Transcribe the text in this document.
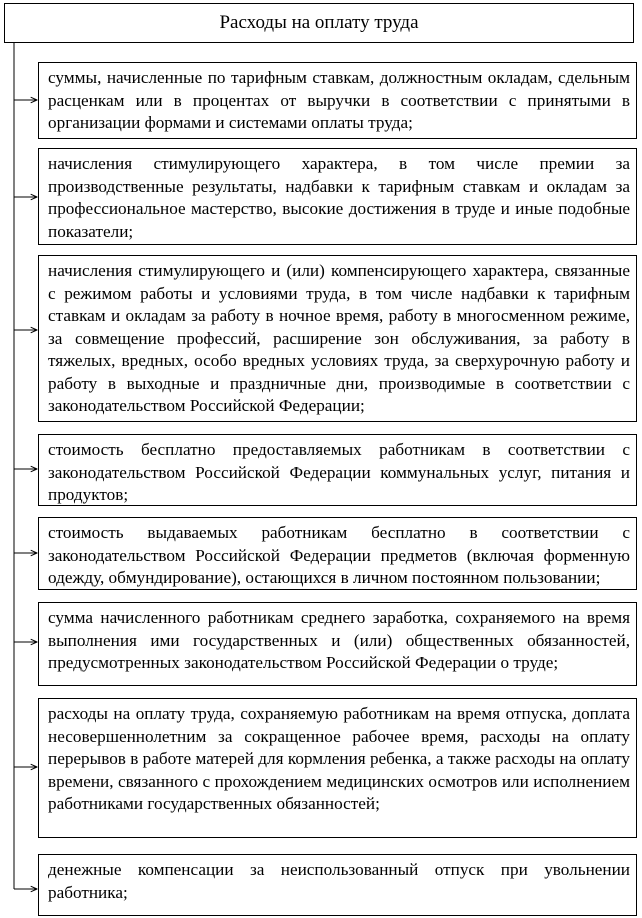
Расходы на оплату труда
суммы, начисленные по тарифным ставкам, должностным окладам, сдельным расценкам или в процентах от выручки в соответствии с принятыми в организации формами и системами оплаты труда;
начисления стимулирующего характера, в том числе премии за производственные результаты, надбавки к тарифным ставкам и окладам за профессиональное мастерство, высокие достижения в труде и иные подобные показатели;
начисления стимулирующего и (или) компенсирующего характера, связанные с режимом работы и условиями труда, в том числе надбавки к тарифным ставкам и окладам за работу в ночное время, работу в многосменном режиме, за совмещение профессий, расширение зон обслуживания, за работу в тяжелых, вредных, особо вредных условиях труда, за сверхурочную работу и работу в выходные и праздничные дни, производимые в соответствии с законодательством Российской Федерации;
стоимость бесплатно предоставляемых работникам в соответствии с законодательством Российской Федерации коммунальных услуг, питания и продуктов;
стоимость выдаваемых работникам бесплатно в соответствии с законодательством Российской Федерации предметов (включая форменную одежду, обмундирование), остающихся в личном постоянном пользовании;
сумма начисленного работникам среднего заработка, сохраняемого на время выполнения ими государственных и (или) общественных обязанностей, предусмотренных законодательством Российской Федерации о труде;
расходы на оплату труда, сохраняемую работникам на время отпуска, доплата несовершеннолетним за сокращенное рабочее время, расходы на оплату перерывов в работе матерей для кормления ребенка, а также расходы на оплату времени, связанного с прохождением медицинских осмотров или исполнением работниками государственных обязанностей;
денежные компенсации за неиспользованный отпуск при увольнении работника;
